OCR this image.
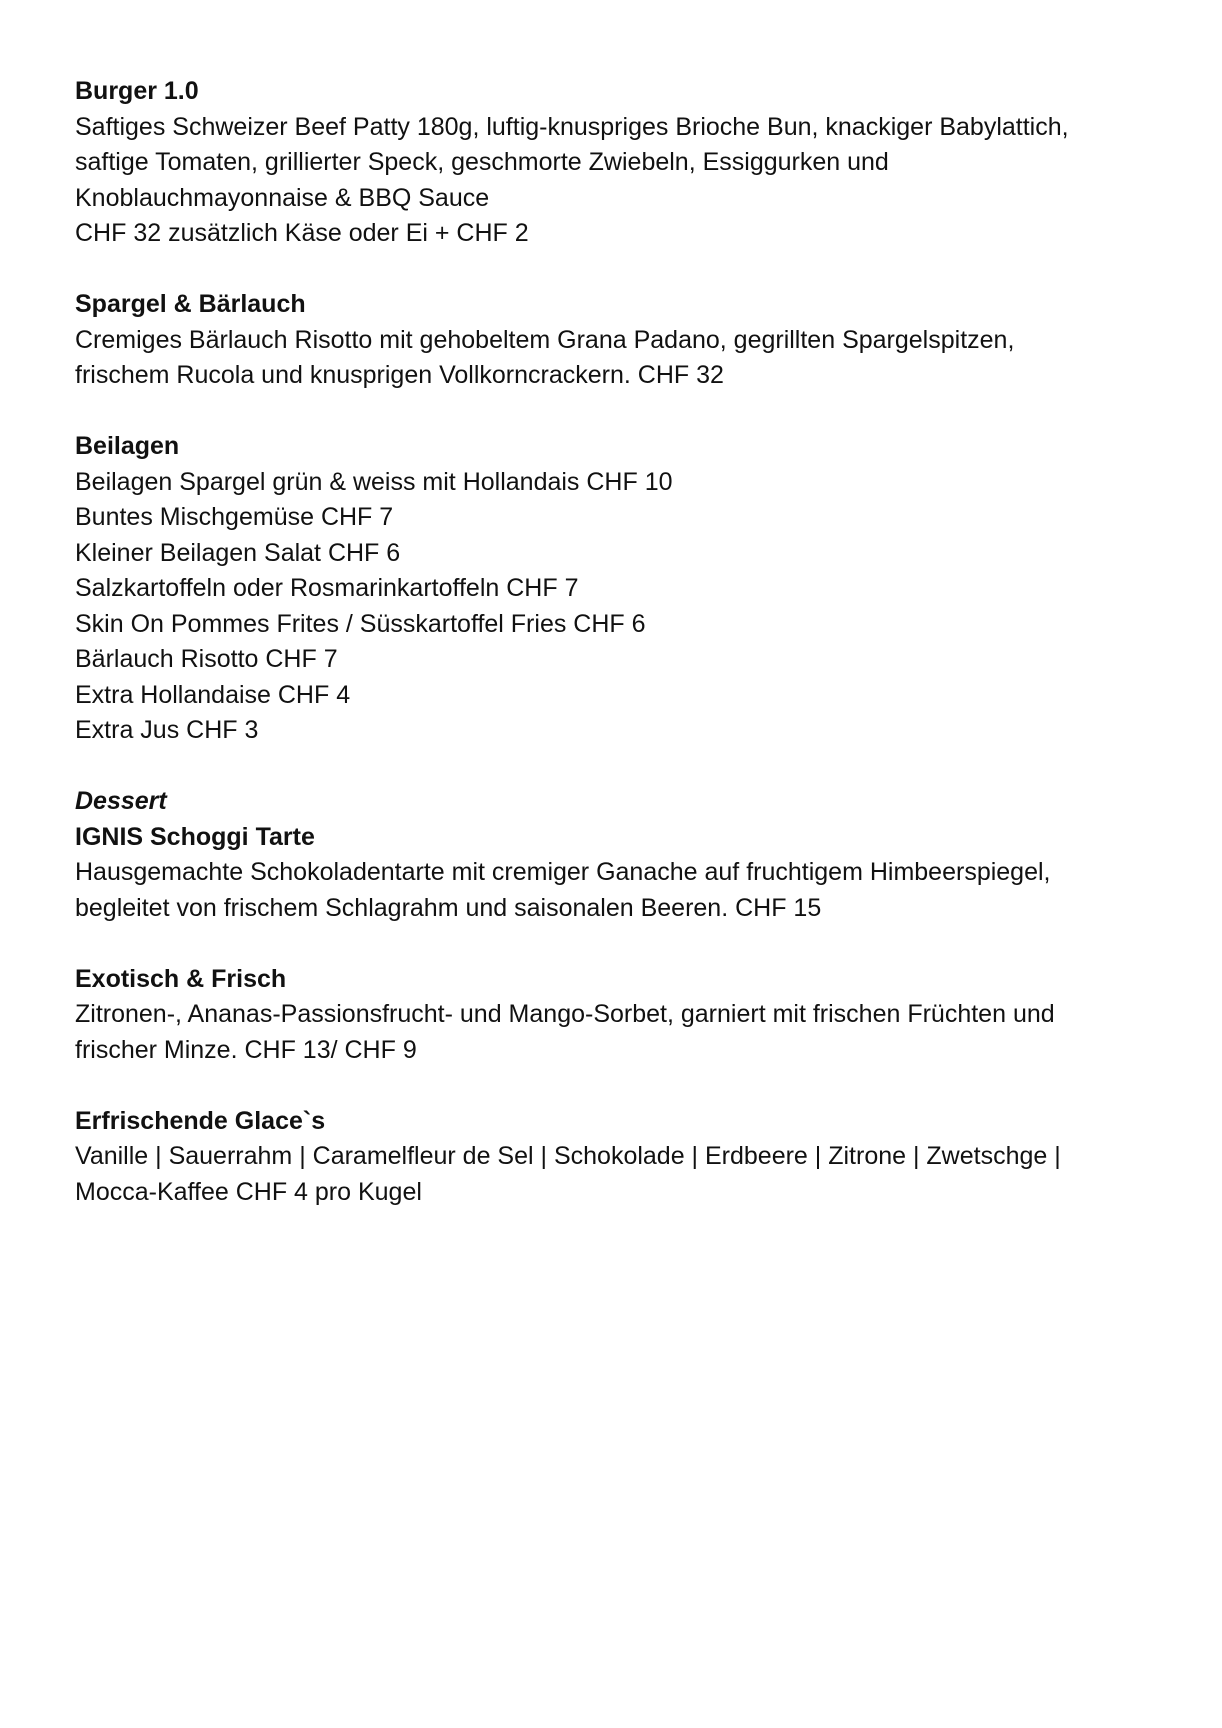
Burger 1.0
Saftiges Schweizer Beef Patty 180g, luftig-knuspriges Brioche Bun, knackiger Babylattich,
saftige Tomaten, grillierter Speck, geschmorte Zwiebeln, Essiggurken und
Knoblauchmayonnaise & BBQ Sauce
CHF 32 zusätzlich Käse oder Ei + CHF 2
Spargel & Bärlauch
Cremiges Bärlauch Risotto mit gehobeltem Grana Padano, gegrillten Spargelspitzen,
frischem Rucola und knusprigen Vollkorncrackern. CHF 32
Beilagen
Beilagen Spargel grün & weiss mit Hollandais CHF 10
Buntes Mischgemüse CHF 7
Kleiner Beilagen Salat CHF 6
Salzkartoffeln oder Rosmarinkartoffeln CHF 7
Skin On Pommes Frites / Süsskartoffel Fries CHF 6
Bärlauch Risotto CHF 7
Extra Hollandaise CHF 4
Extra Jus CHF 3
Dessert
IGNIS Schoggi Tarte
Hausgemachte Schokoladentarte mit cremiger Ganache auf fruchtigem Himbeerspiegel,
begleitet von frischem Schlagrahm und saisonalen Beeren. CHF 15
Exotisch & Frisch
Zitronen-, Ananas-Passionsfrucht- und Mango-Sorbet, garniert mit frischen Früchten und
frischer Minze. CHF 13/ CHF 9
Erfrischende Glace`s
Vanille | Sauerrahm | Caramelfleur de Sel | Schokolade | Erdbeere | Zitrone | Zwetschge |
Mocca-Kaffee CHF 4 pro Kugel
